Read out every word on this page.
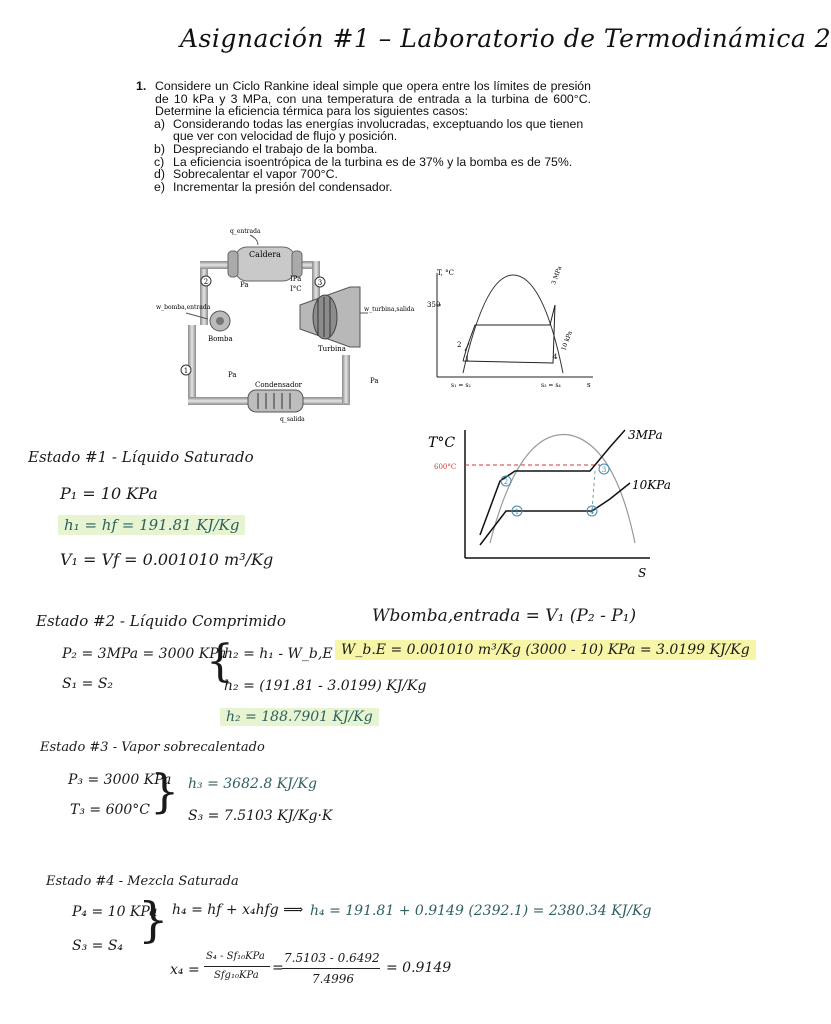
Asignación #1 – Laboratorio de Termodinámica 2
1. Considere un Ciclo Rankine ideal simple que opera entre los límites de presión de 10 kPa y 3 MPa, con una temperatura de entrada a la turbina de 600°C. Determine la eficiencia térmica para los siguientes casos:
a) Considerando todas las energías involucradas, exceptuando los que tienen que ver con velocidad de flujo y posición.
b) Despreciando el trabajo de la bomba.
c) La eficiencia isoentrópica de la turbina es de 37% y la bomba es de 75%.
d) Sobrecalentar el vapor 700°C.
e) Incrementar la presión del condensador.
Caldera
q_entrada
Bomba
w_bomba,entrada
Turbina
w_turbina,salida
Condensador
q_salida
Pa
Pa
Pa
IPa
I°C
2	3
1
T, °C
350
2
1	4
3 MPa
10 kPa
s₁ = s₂	s₃ = s₄	s
T°C
600°C
2
1
3
4
3MPa
10KPa
S
Estado #1 - Líquido Saturado
P₁ = 10 KPa
h₁ = hf = 191.81 KJ/Kg
V₁ = Vf = 0.001010 m³/Kg
Estado #2 - Líquido Comprimido	Wbomba,entrada = V₁ (P₂ - P₁)
W_b.E = 0.001010 m³/Kg (3000 - 10) KPa = 3.0199 KJ/Kg
P₂ = 3MPa = 3000 KPa
S₁ = S₂ {
h₂ = h₁ - W_b,E
h₂ = (191.81 - 3.0199) KJ/Kg
h₂ = 188.7901 KJ/Kg
Estado #3 - Vapor sobrecalentado
P₃ = 3000 KPa
T₃ = 600°C } h₃ = 3682.8 KJ/Kg
S₃ = 7.5103 KJ/Kg·K
Estado #4 - Mezcla Saturada
P₄ = 10 KPa
S₃ = S₄ } h₄ = hf + x₄hfg ⟹ h₄ = 191.81 + 0.9149 (2392.1) = 2380.34 KJ/Kg
x₄ =
S₄ - Sf₁₀KPa
Sfg₁₀KPa =
7.5103 - 0.6492
7.4996
= 0.9149
